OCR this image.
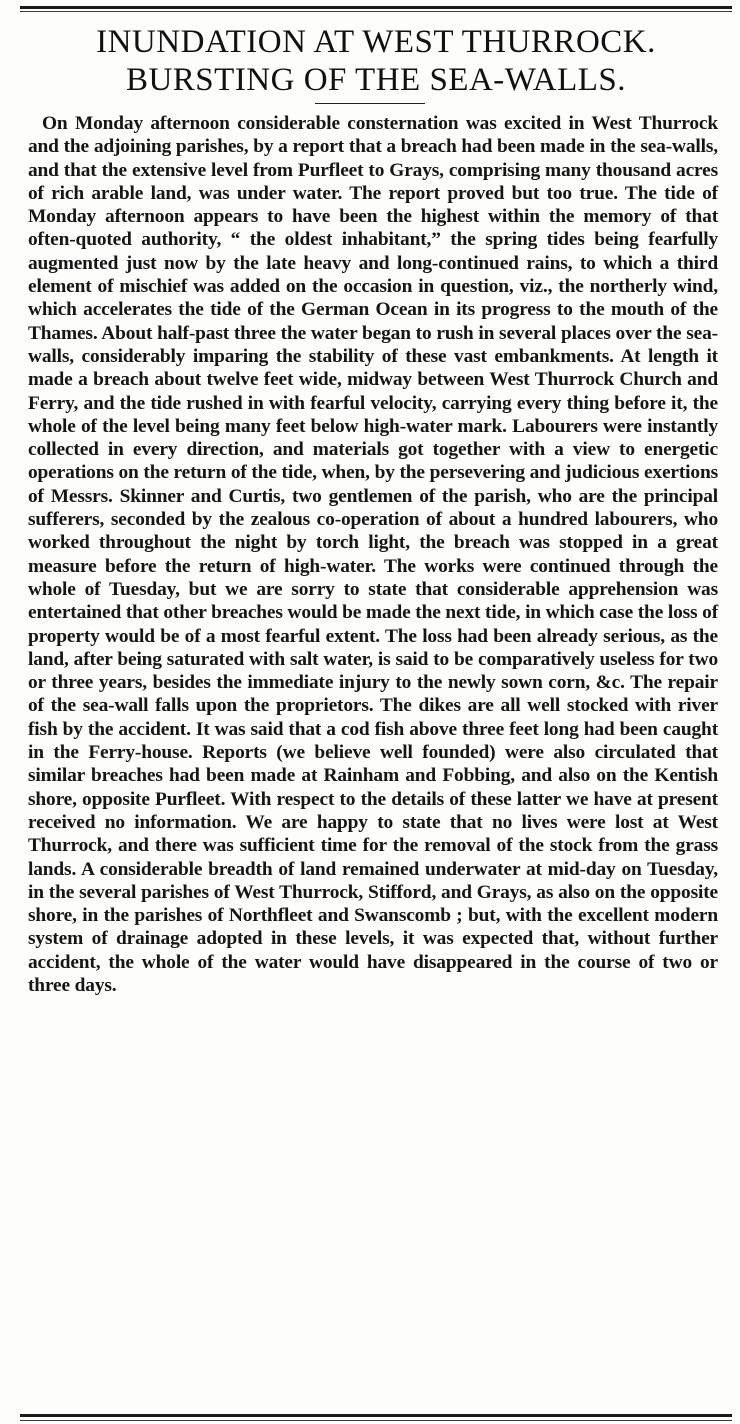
INUNDATION AT WEST THURROCK.
BURSTING OF THE SEA-WALLS.

On Monday afternoon considerable consternation was excited in West Thurrock and the adjoining parishes, by a report that a breach had been made in the sea-walls, and that the extensive level from Purfleet to Grays, comprising many thousand acres of rich arable land, was under water. The report proved but too true. The tide of Monday afternoon appears to have been the highest within the memory of that often-quoted authority, “ the oldest inhabitant,” the spring tides being fearfully augmented just now by the late heavy and long-continued rains, to which a third element of mischief was added on the occasion in question, viz., the northerly wind, which accelerates the tide of the German Ocean in its progress to the mouth of the Thames. About half-past three the water began to rush in several places over the sea-walls, considerably imparing the stability of these vast embankments. At length it made a breach about twelve feet wide, midway between West Thurrock Church and Ferry, and the tide rushed in with fearful velocity, carrying every thing before it, the whole of the level being many feet below high-water mark. Labourers were instantly collected in every direction, and materials got together with a view to energetic operations on the return of the tide, when, by the persevering and judicious exertions of Messrs. Skinner and Curtis, two gentlemen of the parish, who are the principal sufferers, seconded by the zealous co-operation of about a hundred labourers, who worked throughout the night by torch light, the breach was stopped in a great measure before the return of high-water. The works were continued through the whole of Tuesday, but we are sorry to state that considerable apprehension was entertained that other breaches would be made the next tide, in which case the loss of property would be of a most fearful extent. The loss had been already serious, as the land, after being saturated with salt water, is said to be comparatively useless for two or three years, besides the immediate injury to the newly sown corn, &c. The repair of the sea-wall falls upon the proprietors. The dikes are all well stocked with river fish by the accident. It was said that a cod fish above three feet long had been caught in the Ferry-house. Reports (we believe well founded) were also circulated that similar breaches had been made at Rainham and Fobbing, and also on the Kentish shore, opposite Purfleet. With respect to the details of these latter we have at present received no information. We are happy to state that no lives were lost at West Thurrock, and there was sufficient time for the removal of the stock from the grass lands. A considerable breadth of land remained underwater at mid-day on Tuesday, in the several parishes of West Thurrock, Stifford, and Grays, as also on the opposite shore, in the parishes of Northfleet and Swanscomb ; but, with the excellent modern system of drainage adopted in these levels, it was expected that, without further accident, the whole of the water would have disappeared in the course of two or three days.
